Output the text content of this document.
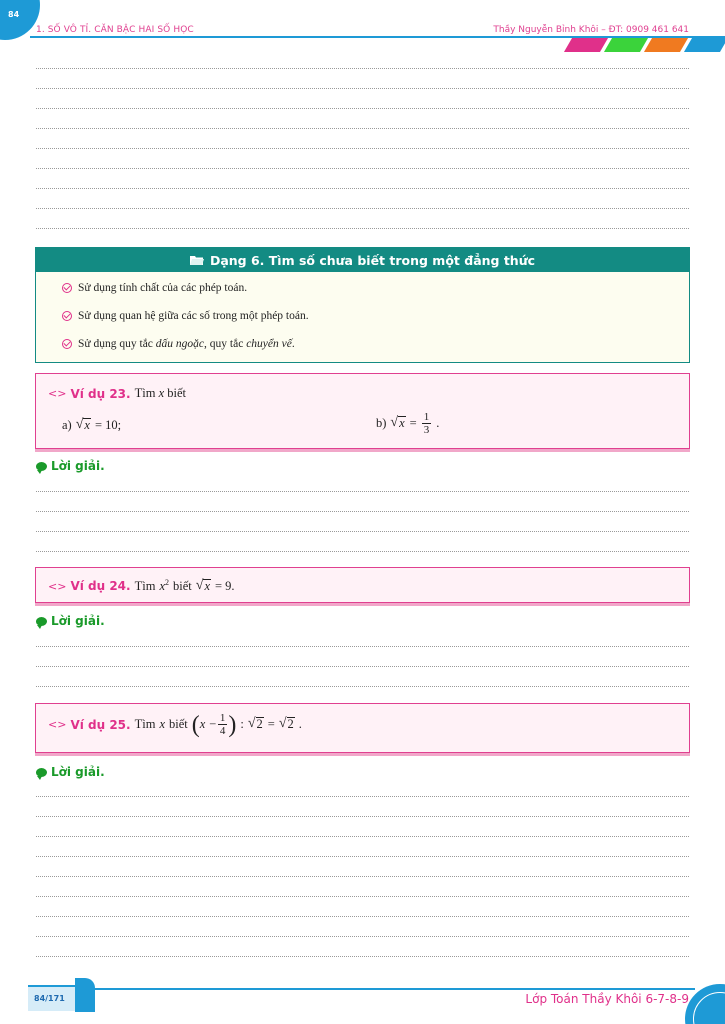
84
1. SỐ VÔ TỈ. CĂN BẬC HAI SỐ HỌC	Thầy Nguyễn Bỉnh Khôi – ĐT: 0909 461 641
Dạng 6. Tìm số chưa biết trong một đẳng thức
Sử dụng tính chất của các phép toán.
Sử dụng quan hệ giữa các số trong một phép toán.
Sử dụng quy tắc dấu ngoặc, quy tắc chuyển vế.
<> Ví dụ 23. Tìm x biết
a) √ x = 10;	b) √ $x = \frac{1}{3}$ .
Lời giải.
<> Ví dụ 24. Tìm $x^2$ biết √ x = 9.
Lời giải.
<> Ví dụ 25. Tìm x biết ( $x - \frac{1}{4}$ ) : √ 2 = √ 2 .
Lời giải.
84/171	Lớp Toán Thầy Khôi 6-7-8-9
